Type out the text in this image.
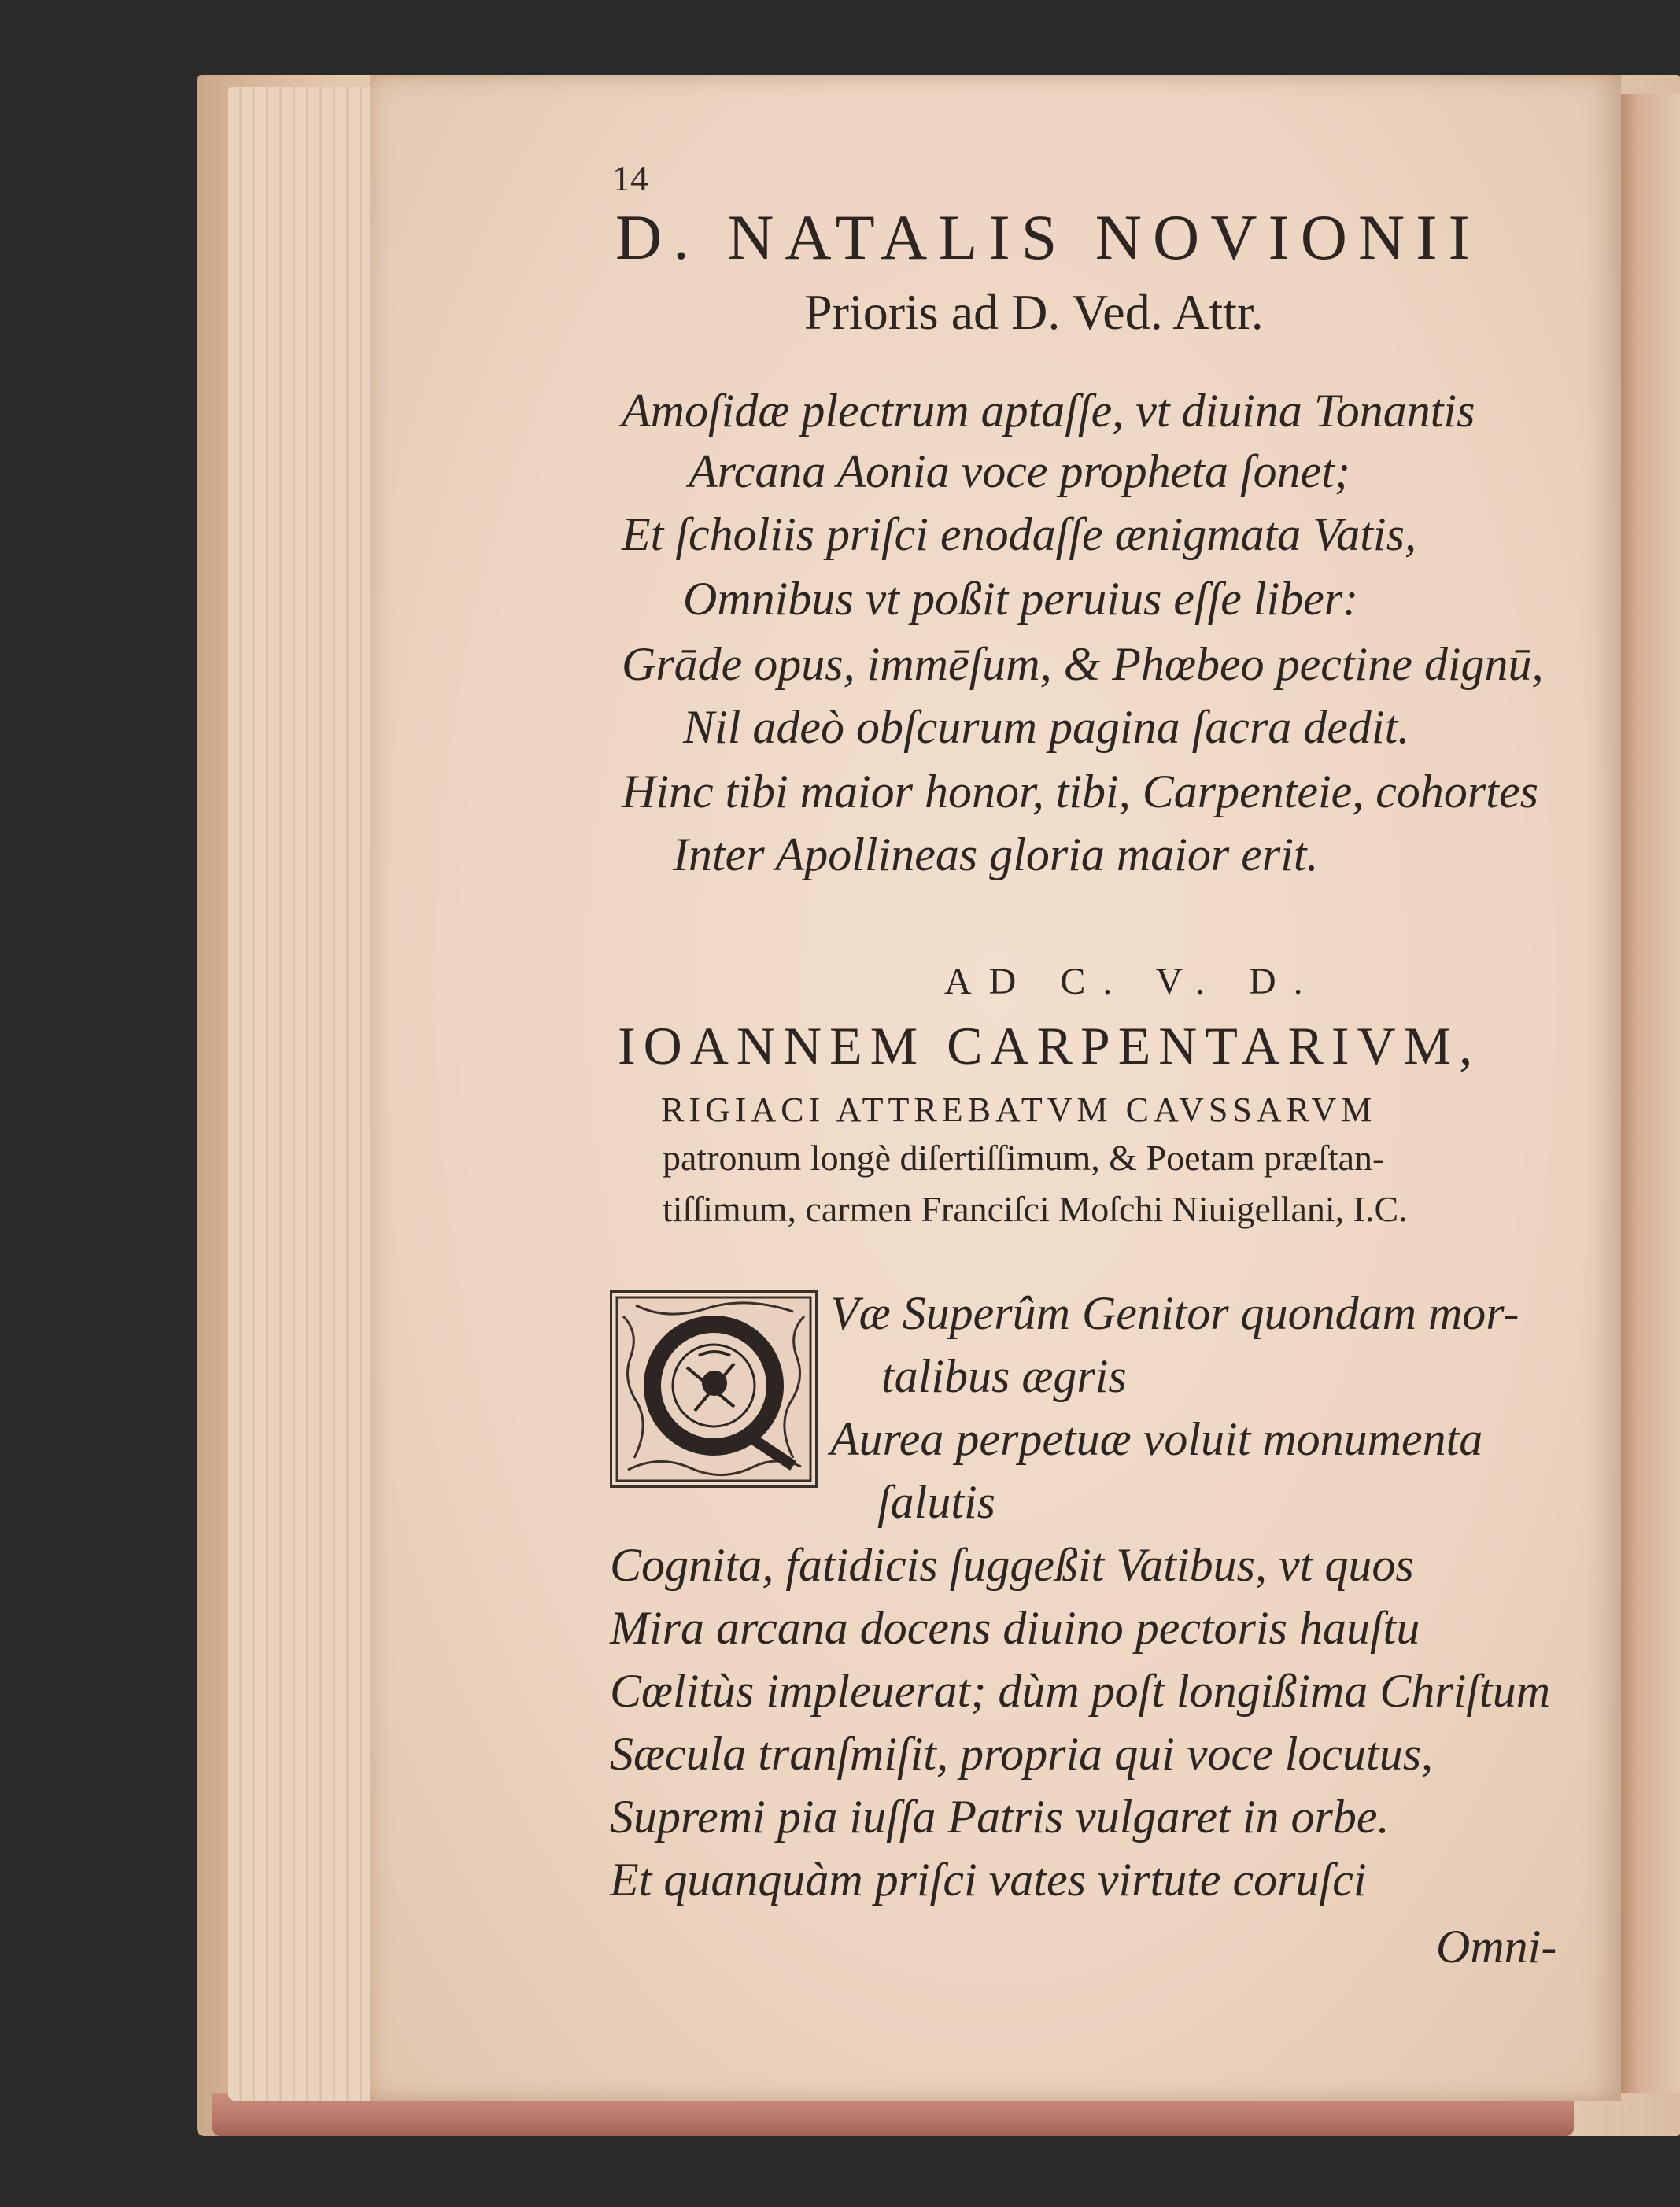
14
D. NATALIS NOVIONII
Prioris ad D. Ved. Attr.
Amoſidæ plectrum aptaſſe, vt diuina Tonantis
Arcana Aonia voce propheta ſonet;
Et ſcholiis priſci enodaſſe ænigmata Vatis,
Omnibus vt poßit peruius eſſe liber:
Grāde opus, immēſum, & Phœbeo pectine dignū,
Nil adeò obſcurum pagina ſacra dedit.
Hinc tibi maior honor, tibi, Carpenteie, cohortes
Inter Apollineas gloria maior erit.
AD C. V. D.
IOANNEM CARPENTARIVM,
RIGIACI ATTREBATVM CAVSSARVM
patronum longè diſertiſſimum, & Poetam præſtan-
tiſſimum, carmen Franciſci Moſchi Niuigellani, I.C.
Væ Superûm Genitor quondam mor-
talibus ægris
Aurea perpetuæ voluit monumenta
ſalutis
Cognita, fatidicis ſuggeßit Vatibus, vt quos
Mira arcana docens diuino pectoris hauſtu
Cœlitùs impleuerat; dùm poſt longißima Chriſtum
Sæcula tranſmiſit, propria qui voce locutus,
Supremi pia iuſſa Patris vulgaret in orbe.
Et quanquàm priſci vates virtute coruſci
Omni-
